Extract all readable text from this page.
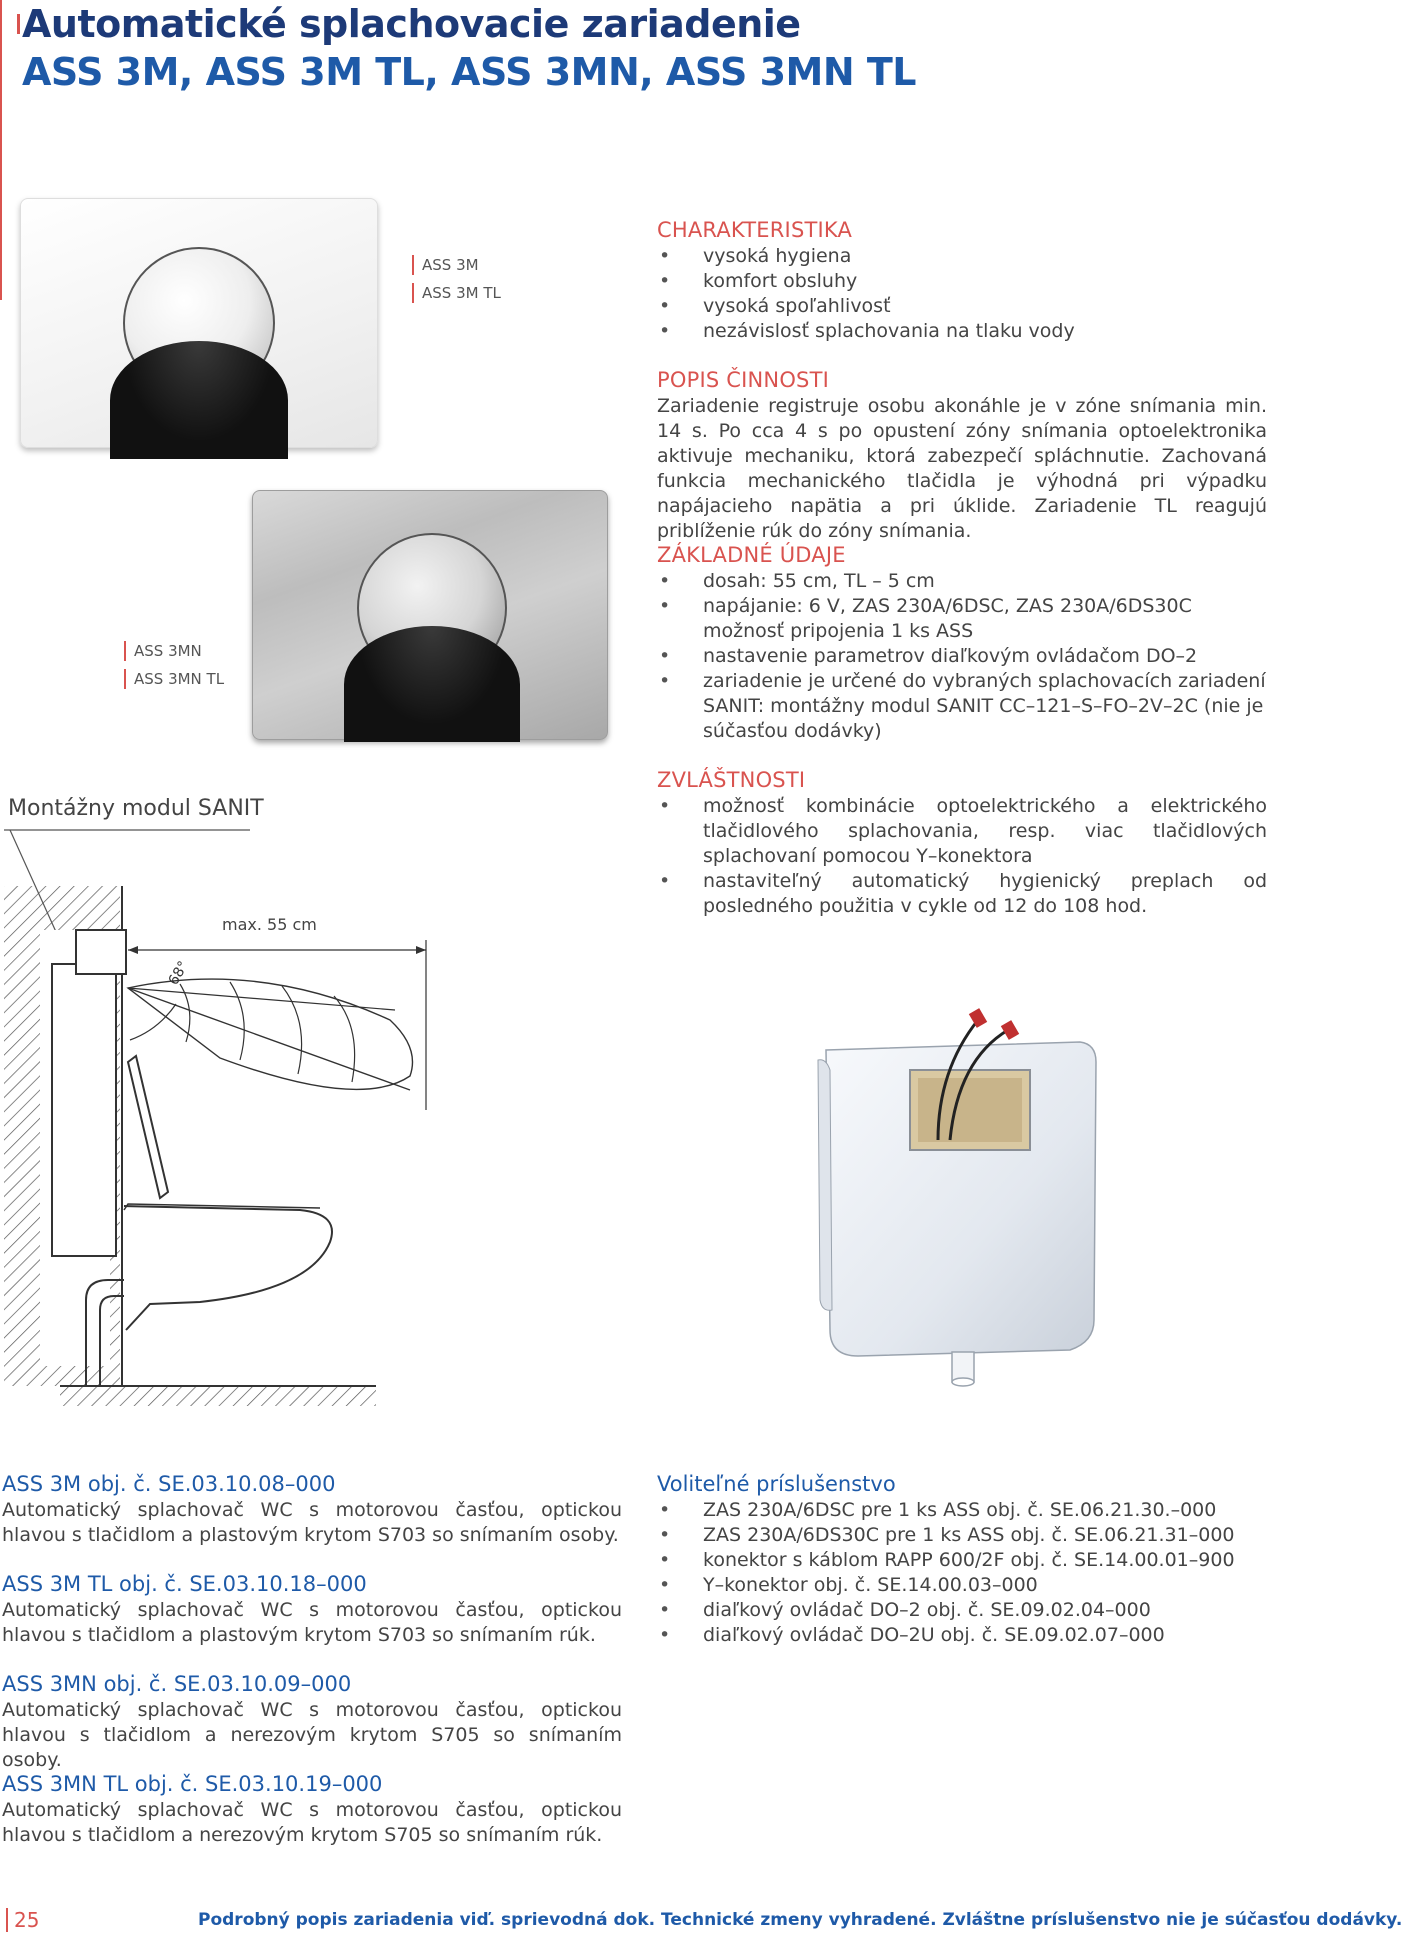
Automatické splachovacie zariadenie
ASS 3M, ASS 3M TL, ASS 3MN, ASS 3MN TL
ASS 3M
ASS 3M TL
ASS 3MN
ASS 3MN TL
CHARAKTERISTIKA
• vysoká hygiena
• komfort obsluhy
• vysoká spoľahlivosť
• nezávislosť splachovania na tlaku vody
POPIS ČINNOSTI

Zariadenie registruje osobu akonáhle je v zóne snímania min. 14 s. Po cca 4 s po opustení zóny snímania optoelektronika aktivuje mechaniku, ktorá zabezpečí spláchnutie. Zachovaná funkcia mechanického tlačidla je výhodná pri výpadku napájacieho napätia a pri úklide. Zariadenie TL reagujú priblíženie rúk do zóny snímania.

ZÁKLADNÉ ÚDAJE
• dosah: 55 cm, TL – 5 cm
• napájanie: 6 V, ZAS 230A/6DSC, ZAS 230A/6DS30C možnosť pripojenia 1 ks ASS
• nastavenie parametrov diaľkovým ovládačom DO–2
• zariadenie je určené do vybraných splachovacích zariadení SANIT: montážny modul SANIT CC–121–S–FO–2V–2C (nie je súčasťou dodávky)
ZVLÁŠTNOSTI
• možnosť kombinácie optoelektrického a elektrického tlačidlového splachovania, resp. viac tlačidlových splachovaní pomocou Y–konektora
• nastaviteľný automatický hygienický preplach od posledného použitia v cykle od 12 do 108 hod.
Montážny modul SANIT
max. 55 cm
68°
ASS 3M obj. č. SE.03.10.08–000

Automatický splachovač WC s motorovou časťou, optickou hlavou s tlačidlom a plastovým krytom S703 so snímaním osoby.

ASS 3M TL obj. č. SE.03.10.18–000

Automatický splachovač WC s motorovou časťou, optickou hlavou s tlačidlom a plastovým krytom S703 so snímaním rúk.

ASS 3MN obj. č. SE.03.10.09–000

Automatický splachovač WC s motorovou časťou, optickou hlavou s tlačidlom a nerezovým krytom S705 so snímaním osoby.

ASS 3MN TL obj. č. SE.03.10.19–000

Automatický splachovač WC s motorovou časťou, optickou hlavou s tlačidlom a nerezovým krytom S705 so snímaním rúk.

Voliteľné príslušenstvo
• ZAS 230A/6DSC pre 1 ks ASS obj. č. SE.06.21.30.–000
• ZAS 230A/6DS30C pre 1 ks ASS obj. č. SE.06.21.31–000
• konektor s káblom RAPP 600/2F obj. č. SE.14.00.01–900
• Y–konektor obj. č. SE.14.00.03–000
• diaľkový ovládač DO–2 obj. č. SE.09.02.04–000
• diaľkový ovládač DO–2U obj. č. SE.09.02.07–000
25	Podrobný popis zariadenia viď. sprievodná dok. Technické zmeny vyhradené. Zvláštne príslušenstvo nie je súčasťou dodávky.
